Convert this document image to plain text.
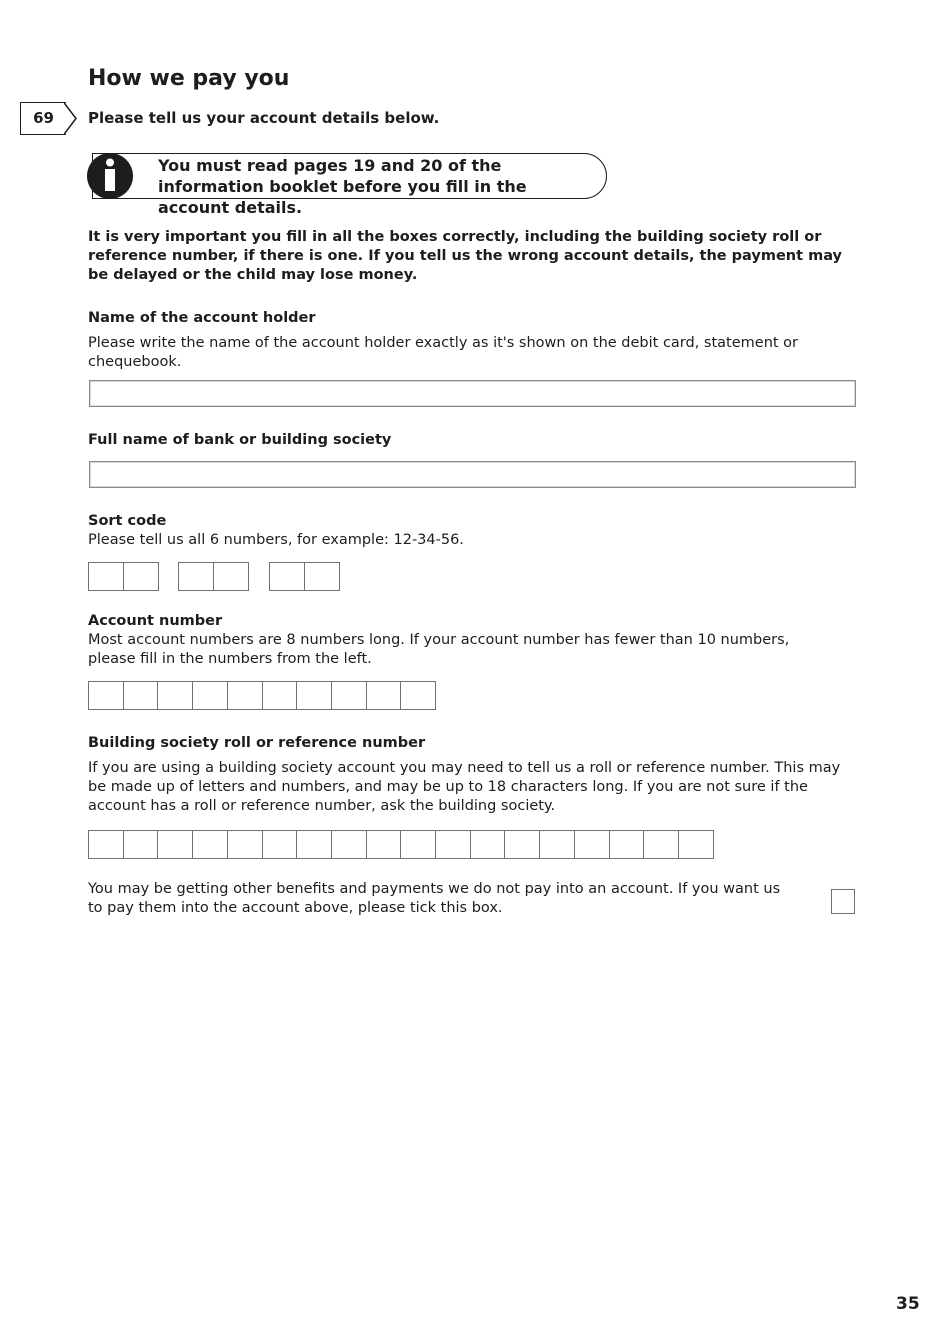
How we pay you
69	Please tell us your account details below.
You must read pages 19 and 20 of the information booklet before you fill in the account details.
It is very important you fill in all the boxes correctly, including the building society roll or reference number, if there is one. If you tell us the wrong account details, the payment may be delayed or the child may lose money.
Name of the account holder
Please write the name of the account holder exactly as it's shown on the debit card, statement or chequebook.
Full name of bank or building society
Sort code
Please tell us all 6 numbers, for example: 12-34-56.
Account number
Most account numbers are 8 numbers long. If your account number has fewer than 10 numbers, please fill in the numbers from the left.
Building society roll or reference number
If you are using a building society account you may need to tell us a roll or reference number. This may be made up of letters and numbers, and may be up to 18 characters long. If you are not sure if the account has a roll or reference number, ask the building society.
You may be getting other benefits and payments we do not pay into an account. If you want us to pay them into the account above, please tick this box.
35
